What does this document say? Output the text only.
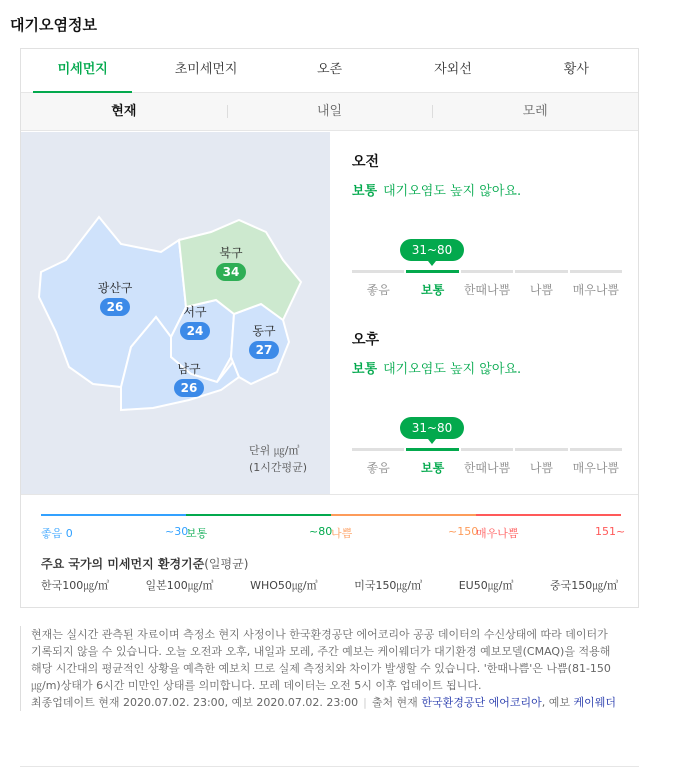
대기오염정보
미세먼지	초미세먼지	오존	자외선	황사
현재	내일	모레
북구
34
광산구
26	서구
24	동구
27
남구
26
단위 ㎍/㎥
(1시간평균)
오전
보통 대기오염도 높지 않아요.
31~80
좋음	보통	한때나쁨	나쁨	매우나쁨
오후
보통 대기오염도 높지 않아요.
31~80
좋음	보통	한때나쁨	나쁨	매우나쁨
좋음 0	~30
보통	~80
나쁨	~150
매우나쁨	151~
주요 국가의 미세먼지 환경기준(일평균)
한국100㎍/㎥	일본100㎍/㎥	WHO50㎍/㎥	미국150㎍/㎥	EU50㎍/㎥	중국150㎍/㎥
현재는 실시간 관측된 자료이며 측정소 현지 사정이나 한국환경공단 에어코리아 공공 데이터의 수신상태에 따라 데이터가 기록되지 않을 수 있습니다. 오늘 오전과 오후, 내일과 모레, 주간 예보는 케이웨더가 대기환경 예보모델(CMAQ)을 적용해 해당 시간대의 평균적인 상황을 예측한 예보치 므로 실제 측정치와 차이가 발생할 수 있습니다. '한때나쁨'은 나쁨(81-150㎍/m)상태가 6시간 미만인 상태를 의미합니다. 모레 데이터는 오전 5시 이후 업데이트 됩니다.
최종업데이트 현재 2020.07.02. 23:00, 예보 2020.07.02. 23:00 | 출처 현재 한국환경공단 에어코리아, 예보 케이웨더
